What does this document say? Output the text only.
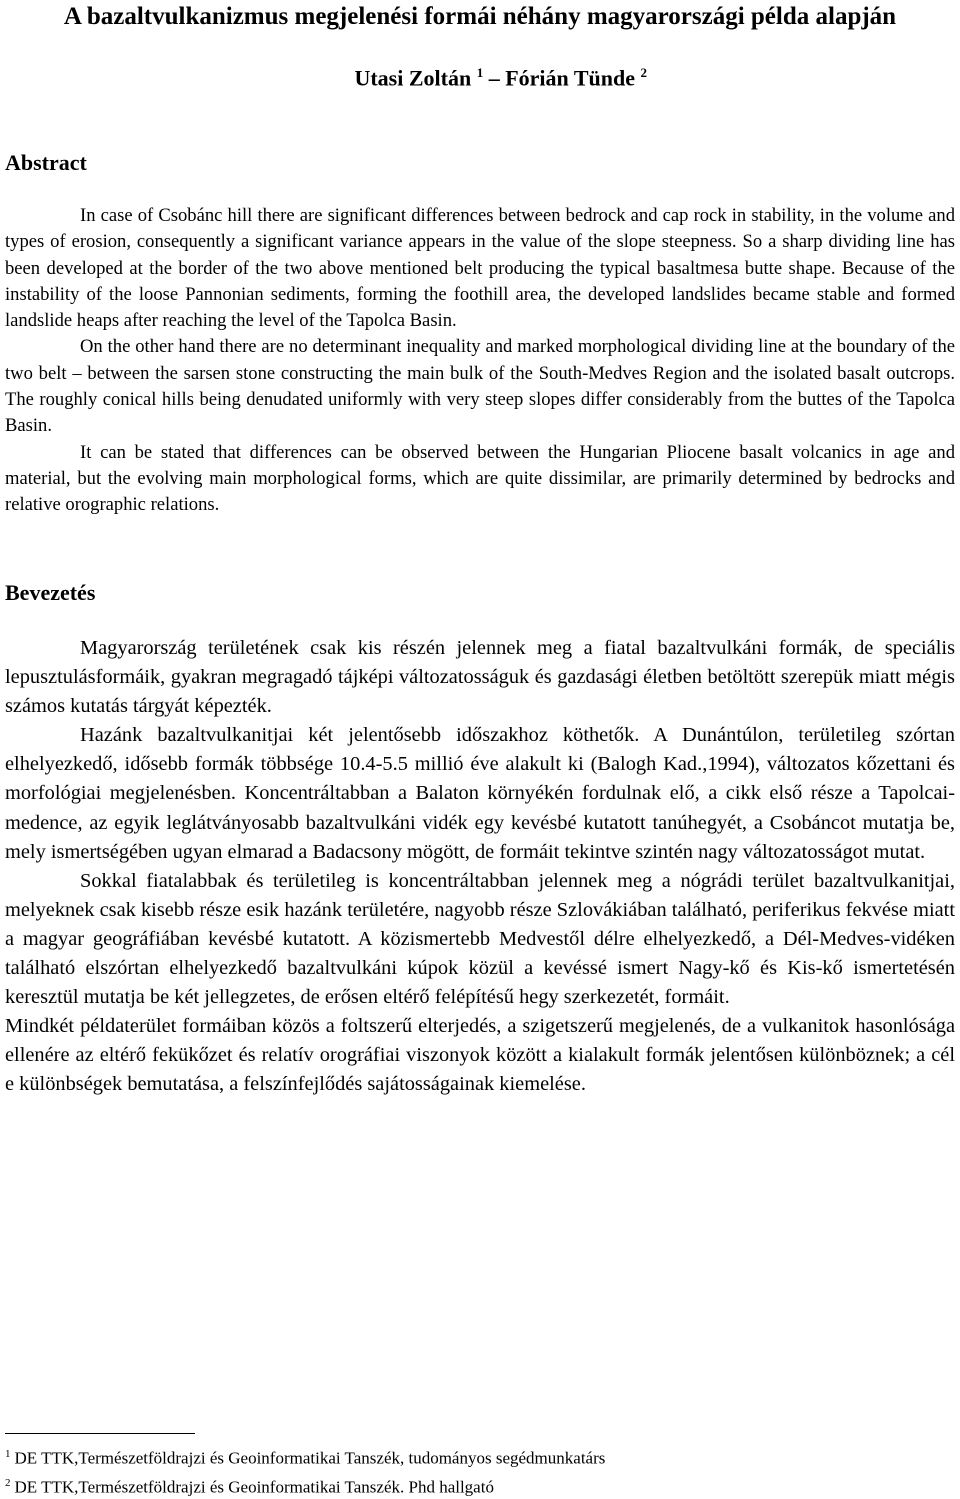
A bazaltvulkanizmus megjelenési formái néhány magyarországi példa alapján
Utasi Zoltán $^1$ – Fórián Tünde $^2$
Abstract

In case of Csobánc hill there are significant differences between bedrock and cap rock in stability, in the volume and types of erosion, consequently a significant variance appears in the value of the slope steepness. So a sharp dividing line has been developed at the border of the two above mentioned belt producing the typical basaltmesa butte shape. Because of the instability of the loose Pannonian sediments, forming the foothill area, the developed landslides became stable and formed landslide heaps after reaching the level of the Tapolca Basin.

On the other hand there are no determinant inequality and marked morphological dividing line at the boundary of the two belt – between the sarsen stone constructing the main bulk of the South-Medves Region and the isolated basalt outcrops. The roughly conical hills being denudated uniformly with very steep slopes differ considerably from the buttes of the Tapolca Basin.

It can be stated that differences can be observed between the Hungarian Pliocene basalt volcanics in age and material, but the evolving main morphological forms, which are quite dissimilar, are primarily determined by bedrocks and relative orographic relations.

Bevezetés

Magyarország területének csak kis részén jelennek meg a fiatal bazaltvulkáni formák, de speciális lepusztulásformáik, gyakran megragadó tájképi változatosságuk és gazdasági életben betöltött szerepük miatt mégis számos kutatás tárgyát képezték.

Hazánk bazaltvulkanitjai két jelentősebb időszakhoz köthetők. A Dunántúlon, területileg szórtan elhelyezkedő, idősebb formák többsége 10.4-5.5 millió éve alakult ki (Balogh Kad.,1994), változatos kőzettani és morfológiai megjelenésben. Koncentráltabban a Balaton környékén fordulnak elő, a cikk első része a Tapolcai-medence, az egyik leglátványosabb bazaltvulkáni vidék egy kevésbé kutatott tanúhegyét, a Csobáncot mutatja be, mely ismertségében ugyan elmarad a Badacsony mögött, de formáit tekintve szintén nagy változatosságot mutat.

Sokkal fiatalabbak és területileg is koncentráltabban jelennek meg a nógrádi terület bazaltvulkanitjai, melyeknek csak kisebb része esik hazánk területére, nagyobb része Szlovákiában található, periferikus fekvése miatt a magyar geográfiában kevésbé kutatott. A közismertebb Medvestől délre elhelyezkedő, a Dél-Medves-vidéken található elszórtan elhelyezkedő bazaltvulkáni kúpok közül a kevéssé ismert Nagy-kő és Kis-kő ismertetésén keresztül mutatja be két jellegzetes, de erősen eltérő felépítésű hegy szerkezetét, formáit.

Mindkét példaterület formáiban közös a foltszerű elterjedés, a szigetszerű megjelenés, de a vulkanitok hasonlósága ellenére az eltérő fekükőzet és relatív orográfiai viszonyok között a kialakult formák jelentősen különböznek; a cél e különbségek bemutatása, a felszínfejlődés sajátosságainak kiemelése.

$^1$ DE TTK,Természetföldrajzi és Geoinformatikai Tanszék, tudományos segédmunkatárs
$^2$ DE TTK,Természetföldrajzi és Geoinformatikai Tanszék. Phd hallgató
